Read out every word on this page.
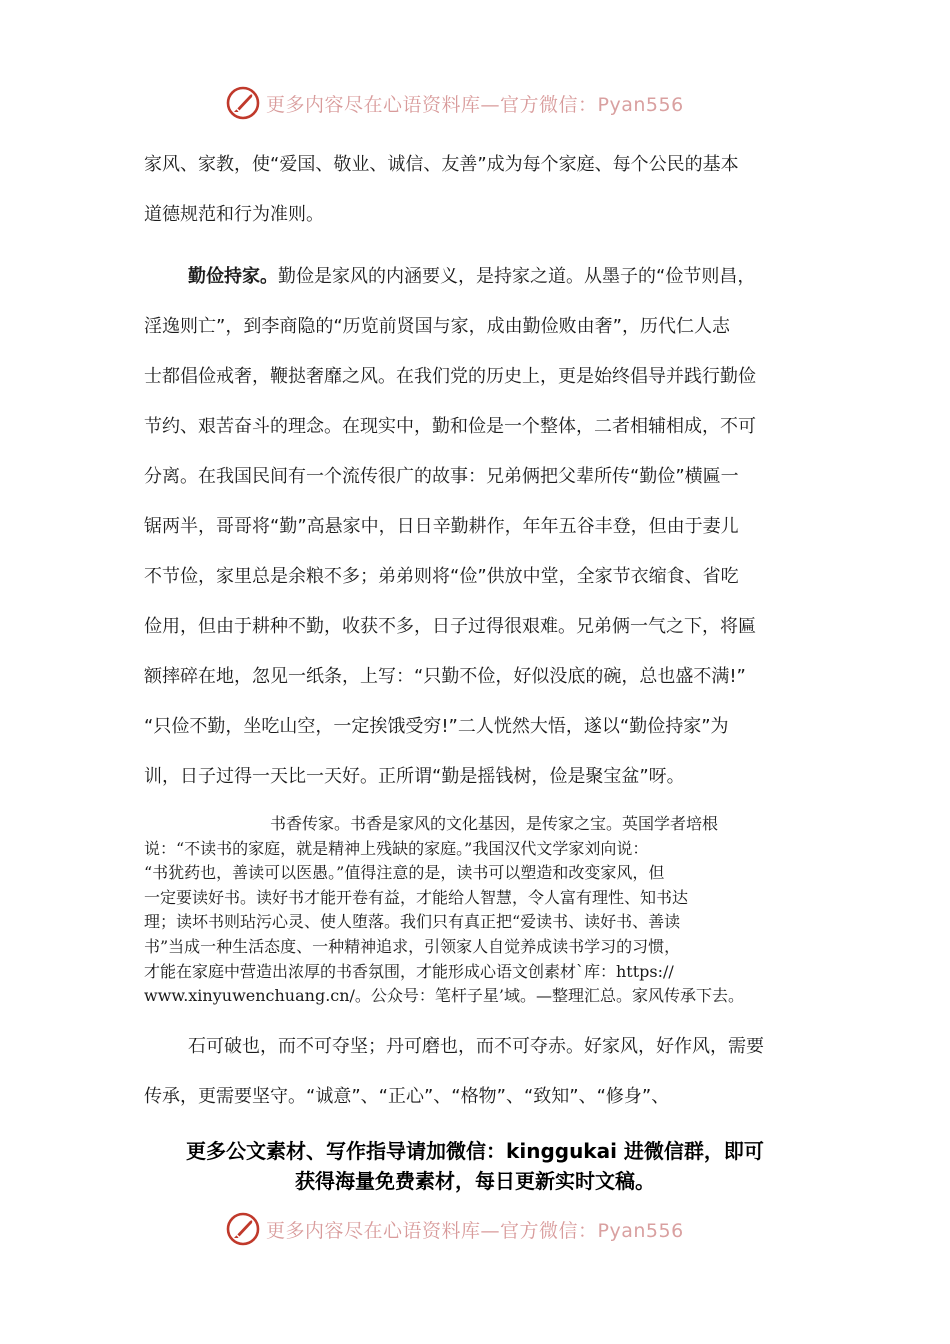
更多内容尽在心语资料库—官方微信：Pyan556
家风、家教，使“爱国、敬业、诚信、友善”成为每个家庭、每个公民的基本
道德规范和行为准则。
勤俭持家。勤俭是家风的内涵要义，是持家之道。从墨子的“俭节则昌，
淫逸则亡”，到李商隐的“历览前贤国与家，成由勤俭败由奢”，历代仁人志
士都倡俭戒奢，鞭挞奢靡之风。在我们党的历史上，更是始终倡导并践行勤俭
节约、艰苦奋斗的理念。在现实中，勤和俭是一个整体，二者相辅相成，不可
分离。在我国民间有一个流传很广的故事：兄弟俩把父辈所传“勤俭”横匾一
锯两半，哥哥将“勤”高悬家中，日日辛勤耕作，年年五谷丰登，但由于妻儿
不节俭，家里总是余粮不多；弟弟则将“俭”供放中堂，全家节衣缩食、省吃
俭用，但由于耕种不勤，收获不多，日子过得很艰难。兄弟俩一气之下，将匾
额摔碎在地，忽见一纸条，上写：“只勤不俭，好似没底的碗，总也盛不满!”
“只俭不勤，坐吃山空，一定挨饿受穷!”二人恍然大悟，遂以“勤俭持家”为
训，日子过得一天比一天好。正所谓“勤是摇钱树，俭是聚宝盆”呀。
书香传家。书香是家风的文化基因，是传家之宝。英国学者培根
说：“不读书的家庭，就是精神上残缺的家庭。”我国汉代文学家刘向说：
“书犹药也，善读可以医愚。”值得注意的是，读书可以塑造和改变家风，但
一定要读好书。读好书才能开卷有益，才能给人智慧，令人富有理性、知书达
理；读坏书则玷污心灵、使人堕落。我们只有真正把“爱读书、读好书、善读
书”当成一种生活态度、一种精神追求，引领家人自觉养成读书学习的习惯，
才能在家庭中营造出浓厚的书香氛围，才能形成心语文创素材`库：https://
www.xinyuwenchuang.cn/。公众号：笔杆子星’域。—整理汇总。家风传承下去。
石可破也，而不可夺坚；丹可磨也，而不可夺赤。好家风，好作风，需要
传承，更需要坚守。“诚意”、“正心”、“格物”、“致知”、“修身”、
更多公文素材、写作指导请加微信：kinggukai 进微信群，即可
获得海量免费素材，每日更新实时文稿。
更多内容尽在心语资料库—官方微信：Pyan556
